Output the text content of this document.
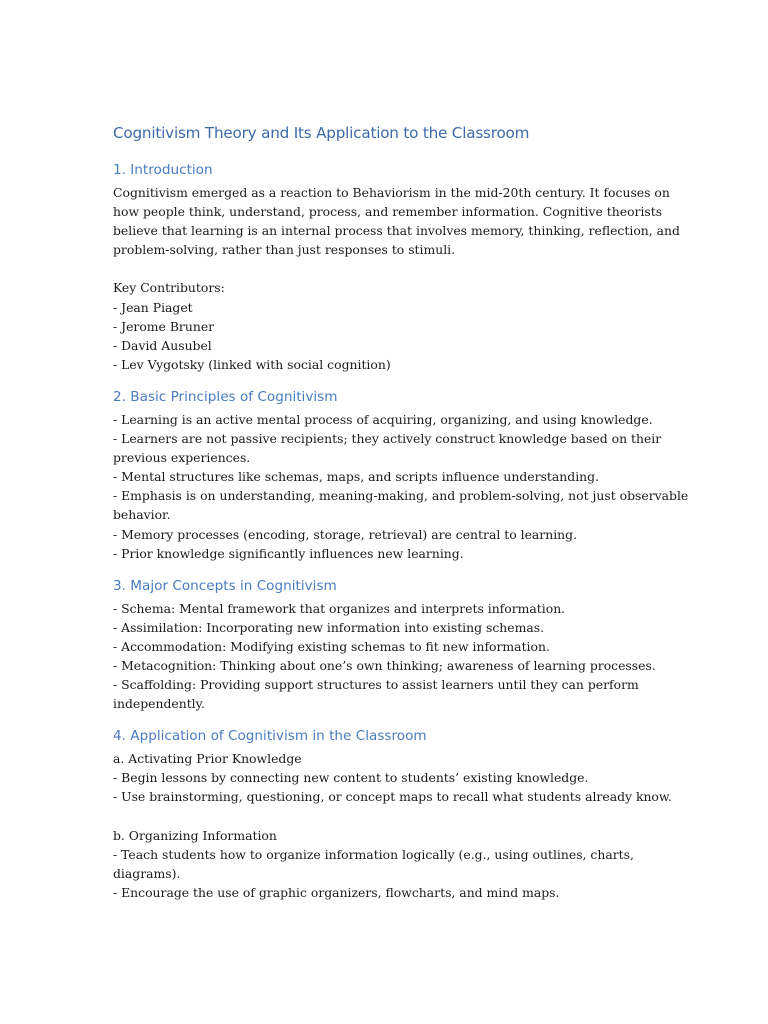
Cognitivism Theory and Its Application to the Classroom
1. Introduction
Cognitivism emerged as a reaction to Behaviorism in the mid-20th century. It focuses on
how people think, understand, process, and remember information. Cognitive theorists
believe that learning is an internal process that involves memory, thinking, reflection, and
problem-solving, rather than just responses to stimuli.
Key Contributors:
- Jean Piaget
- Jerome Bruner
- David Ausubel
- Lev Vygotsky (linked with social cognition)
2. Basic Principles of Cognitivism
- Learning is an active mental process of acquiring, organizing, and using knowledge.
- Learners are not passive recipients; they actively construct knowledge based on their
previous experiences.
- Mental structures like schemas, maps, and scripts influence understanding.
- Emphasis is on understanding, meaning-making, and problem-solving, not just observable
behavior.
- Memory processes (encoding, storage, retrieval) are central to learning.
- Prior knowledge significantly influences new learning.
3. Major Concepts in Cognitivism
- Schema: Mental framework that organizes and interprets information.
- Assimilation: Incorporating new information into existing schemas.
- Accommodation: Modifying existing schemas to fit new information.
- Metacognition: Thinking about one’s own thinking; awareness of learning processes.
- Scaffolding: Providing support structures to assist learners until they can perform
independently.
4. Application of Cognitivism in the Classroom
a. Activating Prior Knowledge
- Begin lessons by connecting new content to students’ existing knowledge.
- Use brainstorming, questioning, or concept maps to recall what students already know.
b. Organizing Information
- Teach students how to organize information logically (e.g., using outlines, charts,
diagrams).
- Encourage the use of graphic organizers, flowcharts, and mind maps.
